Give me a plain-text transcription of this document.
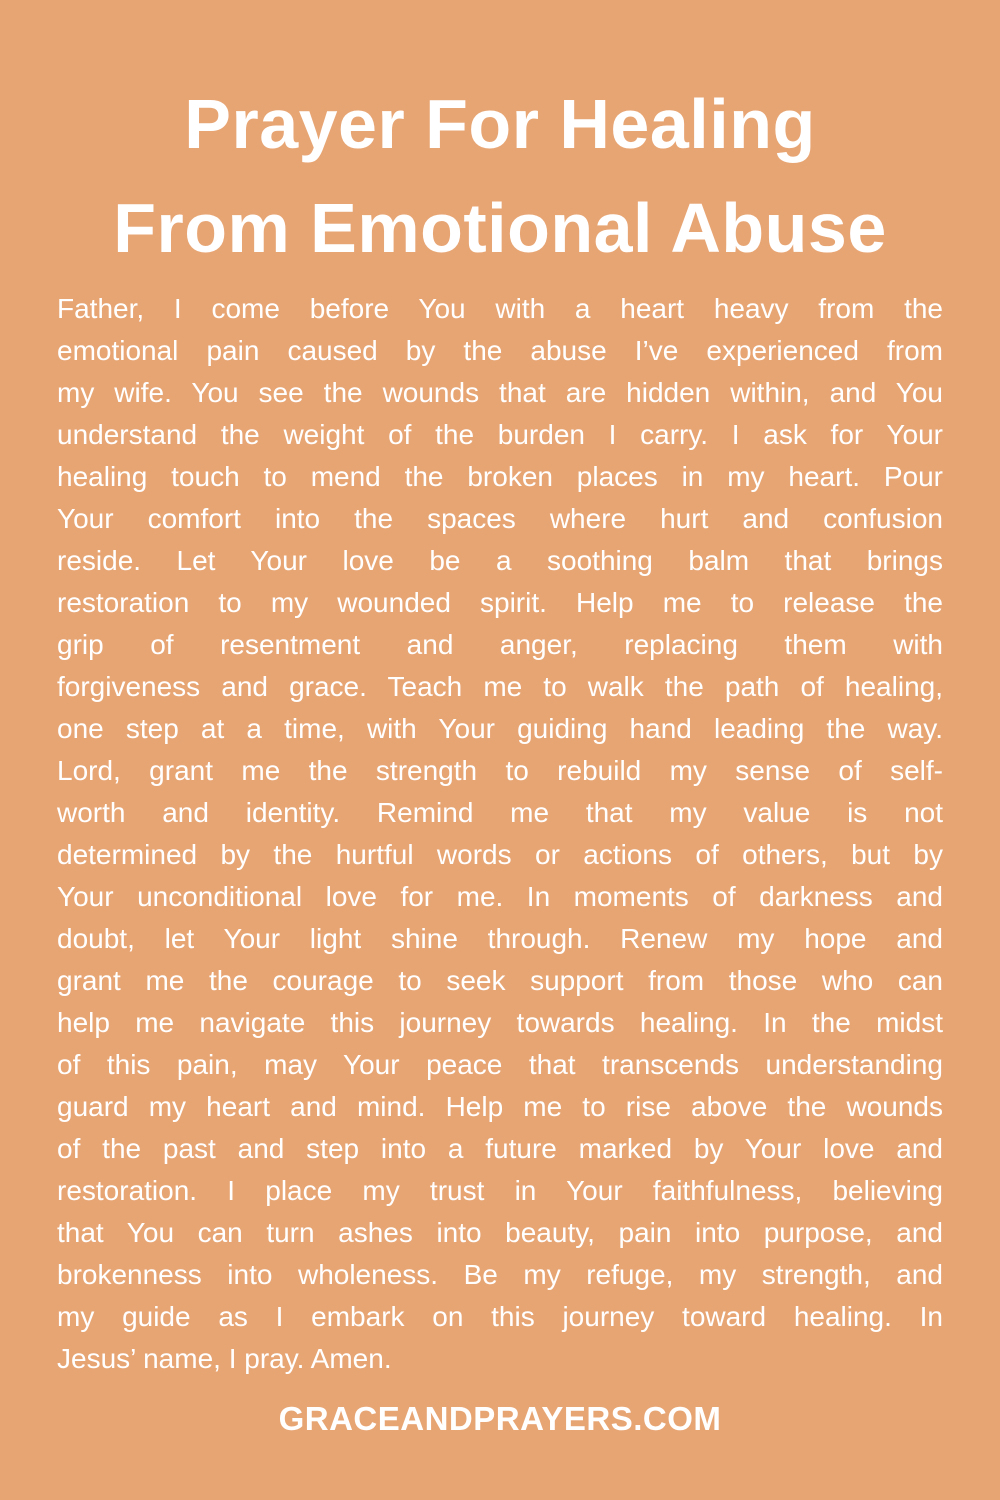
Prayer For Healing
From Emotional Abuse
Father, I come before You with a heart heavy from the
emotional pain caused by the abuse I’ve experienced from
my wife. You see the wounds that are hidden within, and You
understand the weight of the burden I carry. I ask for Your
healing touch to mend the broken places in my heart. Pour
Your comfort into the spaces where hurt and confusion
reside. Let Your love be a soothing balm that brings
restoration to my wounded spirit. Help me to release the
grip of resentment and anger, replacing them with
forgiveness and grace. Teach me to walk the path of healing,
one step at a time, with Your guiding hand leading the way.
Lord, grant me the strength to rebuild my sense of self-
worth and identity. Remind me that my value is not
determined by the hurtful words or actions of others, but by
Your unconditional love for me. In moments of darkness and
doubt, let Your light shine through. Renew my hope and
grant me the courage to seek support from those who can
help me navigate this journey towards healing. In the midst
of this pain, may Your peace that transcends understanding
guard my heart and mind. Help me to rise above the wounds
of the past and step into a future marked by Your love and
restoration. I place my trust in Your faithfulness, believing
that You can turn ashes into beauty, pain into purpose, and
brokenness into wholeness. Be my refuge, my strength, and
my guide as I embark on this journey toward healing. In
Jesus’ name, I pray. Amen.
GRACEANDPRAYERS.COM
